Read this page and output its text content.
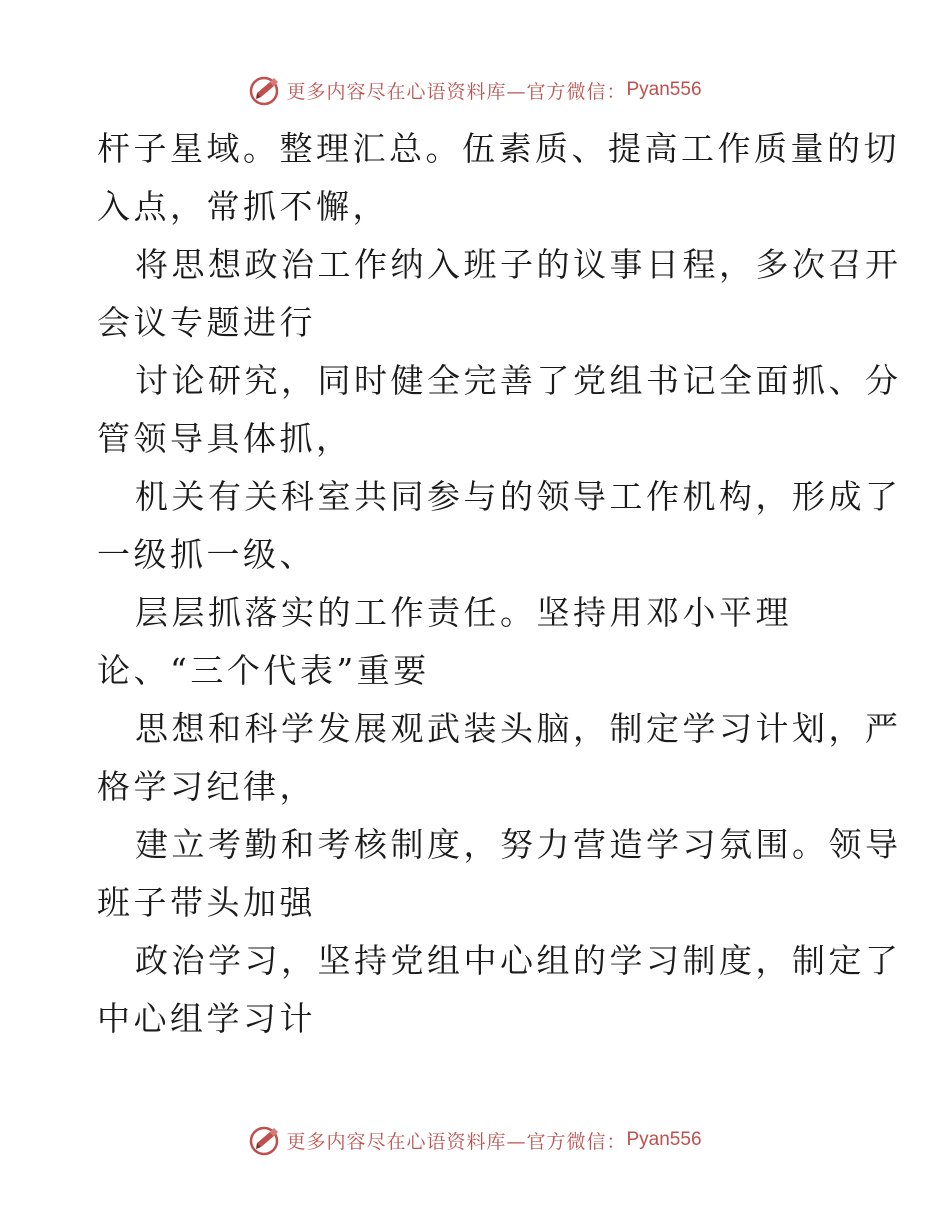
更多内容尽在心语资料库—官方微信： Pyan556
杆子星域。整理汇总。伍素质、提高工作质量的切
入点，常抓不懈，
将思想政治工作纳入班子的议事日程，多次召开
会议专题进行
讨论研究，同时健全完善了党组书记全面抓、分
管领导具体抓，
机关有关科室共同参与的领导工作机构，形成了
一级抓一级、
层层抓落实的工作责任。坚持用邓小平理
论、“三个代表”重要
思想和科学发展观武装头脑，制定学习计划，严
格学习纪律，
建立考勤和考核制度，努力营造学习氛围。领导
班子带头加强
政治学习，坚持党组中心组的学习制度，制定了
中心组学习计
更多内容尽在心语资料库—官方微信： Pyan556
